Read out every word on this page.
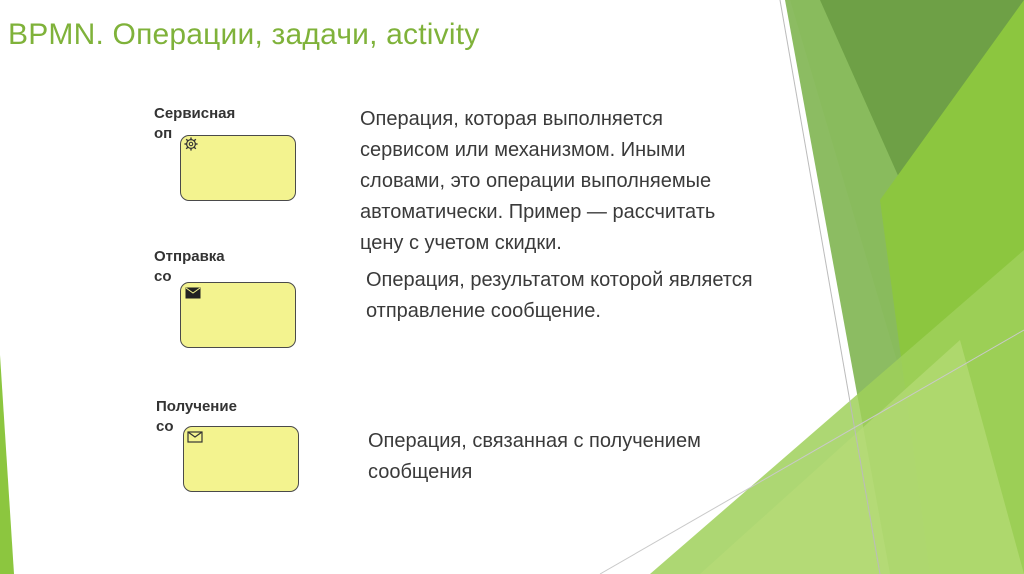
BPMN. Операции, задачи, activity
Сервисная
оп
Операция, которая выполняется
сервисом или механизмом. Иными
словами, это операции выполняемые
автоматически. Пример — рассчитать
цену с учетом скидки.
Отправка
со	Операция, результатом которой является
отправление сообщение.
Получение
со
Операция, связанная с получением
сообщения
